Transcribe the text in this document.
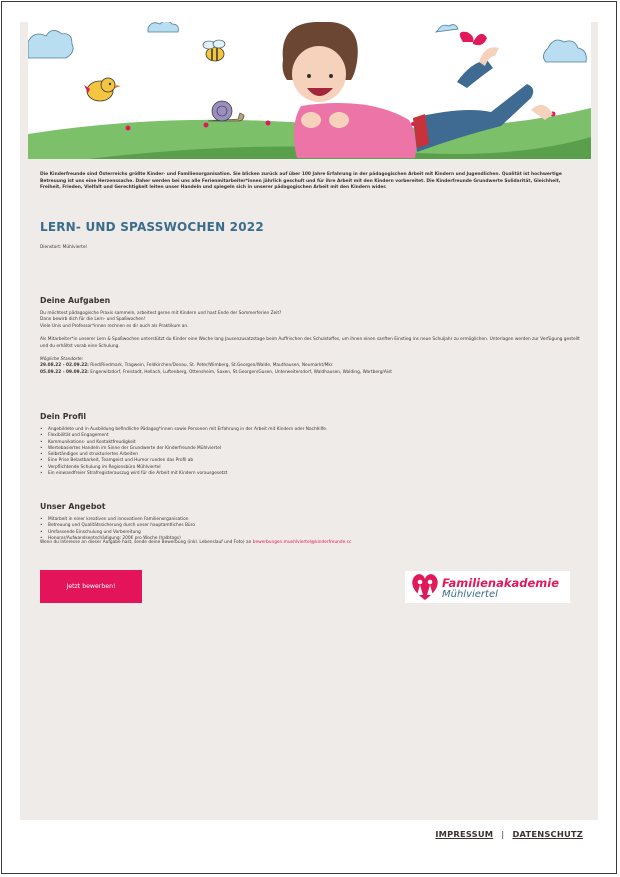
Die Kinderfreunde sind Österreichs größte Kinder- und Familienorganisation. Sie blicken zurück auf über 100 Jahre Erfahrung in der pädagogischen Arbeit mit Kindern und Jugendlichen. Qualität ist hochwertige Betreuung ist uns eine Herzenssache. Daher werden bei uns alle Ferienmitarbeiter*innen jährlich geschult und für ihre Arbeit mit den Kindern vorbereitet. Die Kinderfreunde Grundwerte Solidarität, Gleichheit, Freiheit, Frieden, Vielfalt und Gerechtigkeit leiten unser Handeln und spiegeln sich in unserer pädagogischen Arbeit mit den Kindern wider.

LERN- UND SPASSWOCHEN 2022

Dienstort: Mühlviertel

Deine Aufgaben

Du möchtest pädagogische Praxis sammeln, arbeitest gerne mit Kindern und hast Ende der Sommerferien Zeit?

Dann bewirb dich für die Lern- und Spaßwochen!

Viele Unis und Professor*innen rechnen es dir auch als Praktikum an.

Als Mitarbeiter*in unserer Lern & Spaßwochen unterstützt du Kinder eine Woche lang Jausenzusatzstage beim Auffrischen des Schulstoffes, um ihnen einen sanften Einstieg ins neue Schuljahr zu ermöglichen. Unterlagen werden zur Verfügung gestellt und du erhältst vorab eine Schulung.

Mögliche Standorte:

29.08.22 - 02.09.22: Ried/Riedmark, Tragwein, Feldkirchen/Donau, St. Peter/Wimberg, St.Georgen/Walde, Mauthausen, Neumarkt/Mkr.

05.09.22 - 09.09.22: Engerwitzdorf, Freistadt, Hellach, Luftenberg, Ottensheim, Saxen, St.Georgen/Gusen, Unterweitersdorf, Waldhausen, Walding, Wartberg/Aist

Dein Profil
• Angebildete und in Ausbildung befindliche Pädagog*innen sowie Personen mit Erfahrung in der Arbeit mit Kindern oder Nachhilfe.
• Flexibilität und Engagement
• Kommunikations- und Kontaktfreudigkeit
• Wertebasiertes Handeln im Sinne der Grundwerte der Kinderfreunde Mühlviertel
• Selbständiges und strukturiertes Arbeiten
• Eine Prise Belastbarkeit, Teamgeist und Humor runden das Profil ab
• Verpflichtende Schulung im Regionsbüro Mühlviertel
• Ein einwandfreier Strafregisterauszug wird für die Arbeit mit Kindern vorausgesetzt
Unser Angebot
• Mitarbeit in einer kreativen und innovativen Familienorganisation
• Betreuung und Qualitätssicherung durch unser hauptamtliches Büro
• Umfassende Einschulung und Vorbereitung
• Honorar/Aufwandsentschädigung: 200€ pro Woche (halbtags)

Wenn du Interesse an dieser Aufgabe hast, sende deine Bewerbung (inkl. Lebenslauf und Foto) an bewerbungen.muehlviertel@kinderfreunde.cc

Jetzt bewerben!	Familienakademie
Mühlviertel
IMPRESSUM | DATENSCHUTZ
